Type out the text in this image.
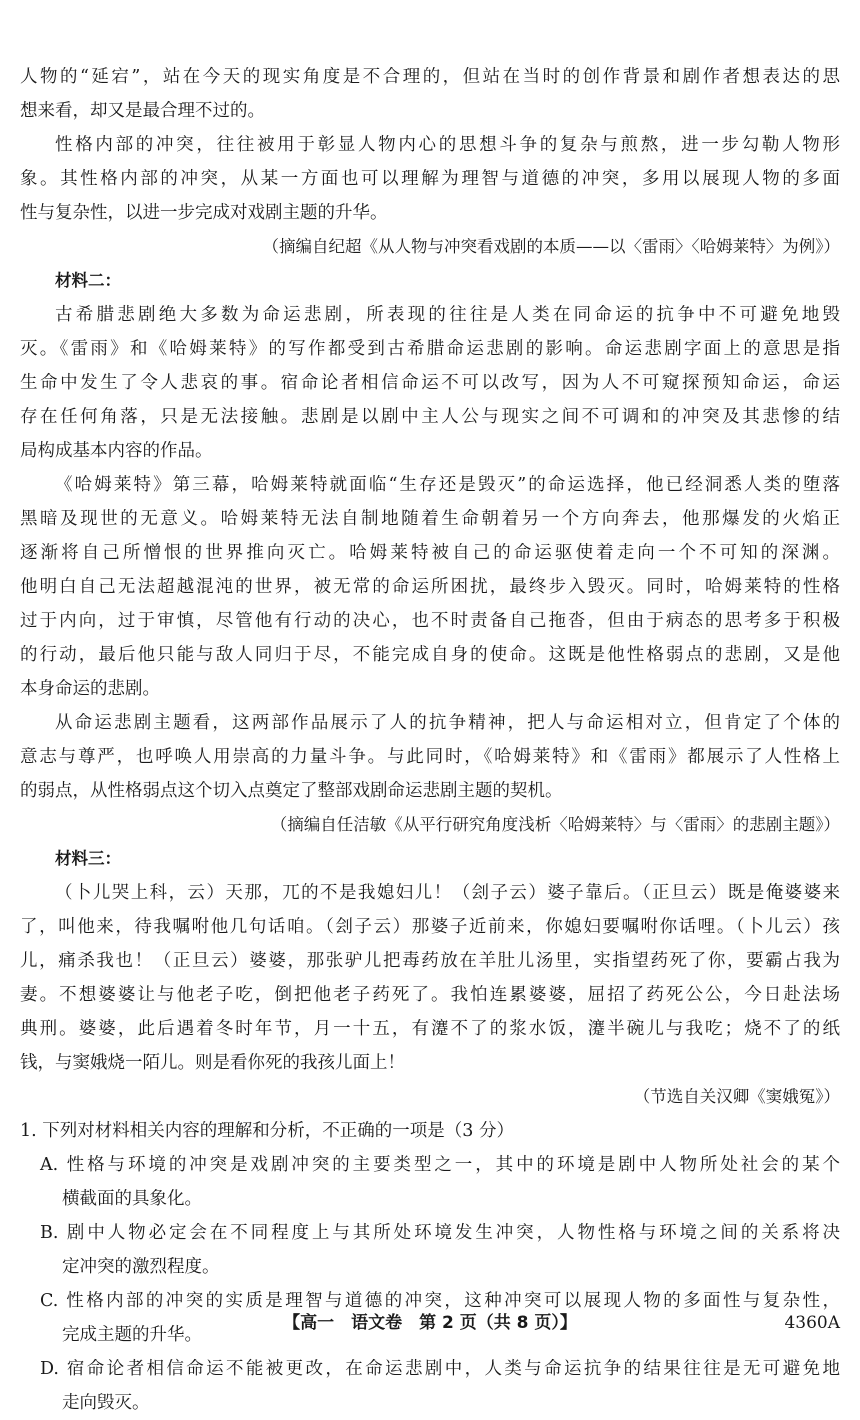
人物的“延宕”，站在今天的现实角度是不合理的，但站在当时的创作背景和剧作者想表达的思
想来看，却又是最合理不过的。
性格内部的冲突，往往被用于彰显人物内心的思想斗争的复杂与煎熬，进一步勾勒人物形
象。其性格内部的冲突，从某一方面也可以理解为理智与道德的冲突，多用以展现人物的多面
性与复杂性，以进一步完成对戏剧主题的升华。
（摘编自纪超《从人物与冲突看戏剧的本质——以〈雷雨〉〈哈姆莱特〉为例》）
材料二：
古希腊悲剧绝大多数为命运悲剧，所表现的往往是人类在同命运的抗争中不可避免地毁
灭。《雷雨》和《哈姆莱特》的写作都受到古希腊命运悲剧的影响。命运悲剧字面上的意思是指
生命中发生了令人悲哀的事。宿命论者相信命运不可以改写，因为人不可窥探预知命运，命运
存在任何角落，只是无法接触。悲剧是以剧中主人公与现实之间不可调和的冲突及其悲惨的结
局构成基本内容的作品。
《哈姆莱特》第三幕，哈姆莱特就面临“生存还是毁灭”的命运选择，他已经洞悉人类的堕落
黑暗及现世的无意义。哈姆莱特无法自制地随着生命朝着另一个方向奔去，他那爆发的火焰正
逐渐将自己所憎恨的世界推向灭亡。哈姆莱特被自己的命运驱使着走向一个不可知的深渊。
他明白自己无法超越混沌的世界，被无常的命运所困扰，最终步入毁灭。同时，哈姆莱特的性格
过于内向，过于审慎，尽管他有行动的决心，也不时责备自己拖沓，但由于病态的思考多于积极
的行动，最后他只能与敌人同归于尽，不能完成自身的使命。这既是他性格弱点的悲剧，又是他
本身命运的悲剧。
从命运悲剧主题看，这两部作品展示了人的抗争精神，把人与命运相对立，但肯定了个体的
意志与尊严，也呼唤人用崇高的力量斗争。与此同时，《哈姆莱特》和《雷雨》都展示了人性格上
的弱点，从性格弱点这个切入点奠定了整部戏剧命运悲剧主题的契机。
（摘编自任洁敏《从平行研究角度浅析〈哈姆莱特〉与〈雷雨〉的悲剧主题》）
材料三：
（卜儿哭上科，云）天那，兀的不是我媳妇儿！（刽子云）婆子靠后。（正旦云）既是俺婆婆来
了，叫他来，待我嘱咐他几句话咱。（刽子云）那婆子近前来，你媳妇要嘱咐你话哩。（卜儿云）孩
儿，痛杀我也！（正旦云）婆婆，那张驴儿把毒药放在羊肚儿汤里，实指望药死了你，要霸占我为
妻。不想婆婆让与他老子吃，倒把他老子药死了。我怕连累婆婆，屈招了药死公公，今日赴法场
典刑。婆婆，此后遇着冬时年节，月一十五，有瀽不了的浆水饭，瀽半碗儿与我吃；烧不了的纸
钱，与窦娥烧一陌儿。则是看你死的我孩儿面上！
（节选自关汉卿《窦娥冤》）
1. 下列对材料相关内容的理解和分析，不正确的一项是（3 分）
A. 性格与环境的冲突是戏剧冲突的主要类型之一，其中的环境是剧中人物所处社会的某个
横截面的具象化。
B. 剧中人物必定会在不同程度上与其所处环境发生冲突，人物性格与环境之间的关系将决
定冲突的激烈程度。
C. 性格内部的冲突的实质是理智与道德的冲突，这种冲突可以展现人物的多面性与复杂性，
完成主题的升华。
D. 宿命论者相信命运不能被更改，在命运悲剧中，人类与命运抗争的结果往往是无可避免地
走向毁灭。
【高一　语文卷　第 2 页（共 8 页）】	4360A
